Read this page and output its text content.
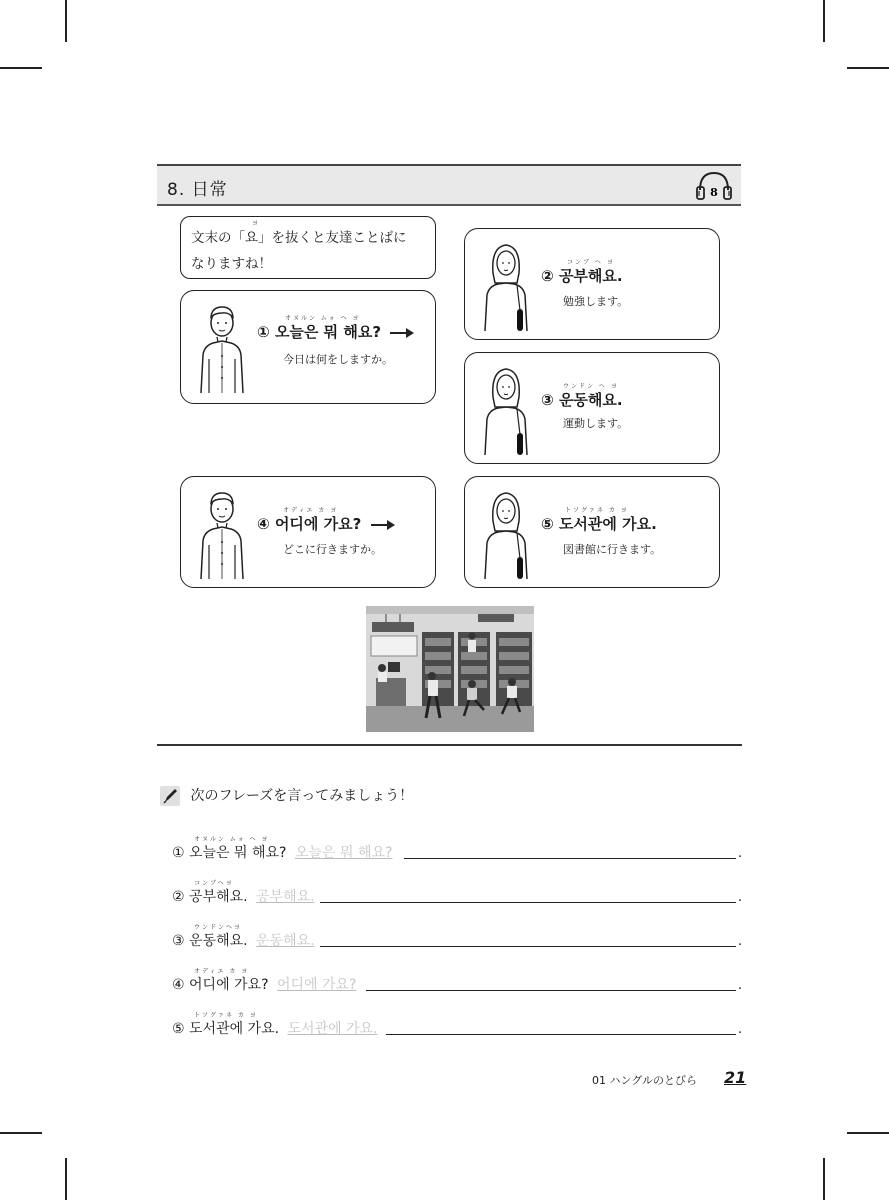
8. 日常	8
ヨ
文末の「요」を抜くと友達ことばに
なりますね！
オヌルン ムォ ヘ ヨ
① 오늘은 뭐 해요?
今日は何をしますか。
コンブ ヘ ヨ
② 공부해요.
勉強します。
ウンドン ヘ ヨ
③ 운동해요.
運動します。
オディエ カ ヨ
④ 어디에 가요?
どこに行きますか。
トソグァネ カ ヨ
⑤ 도서관에 가요.
図書館に行きます。
次のフレーズを言ってみましょう！
オヌルン ムォ ヘ ヨ
① 오늘은 뭐 해요? 오늘은 뭐 해요?	.
コンブヘヨ
② 공부해요. 공부해요.	.
ウンドンヘヨ
③ 운동해요. 운동해요.	.
オディエ カ ヨ
④ 어디에 가요? 어디에 가요?	.
トソグァネ カ ヨ
⑤ 도서관에 가요. 도서관에 가요.	.
01 ハングルのとびら 21
